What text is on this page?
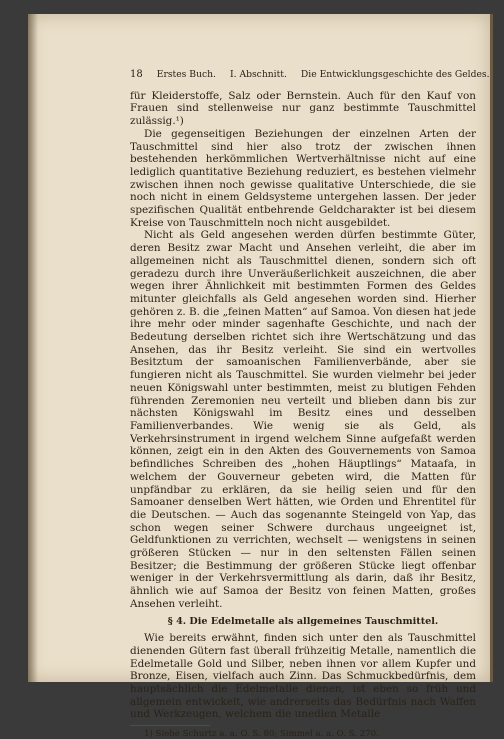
18 Erstes Buch. I. Abschnitt. Die Entwicklungsgeschichte des Geldes.

für Kleiderstoffe, Salz oder Bernstein. Auch für den Kauf von Frauen sind stellenweise nur ganz bestimmte Tauschmittel zulässig.¹)

Die gegenseitigen Beziehungen der einzelnen Arten der Tauschmittel sind hier also trotz der zwischen ihnen bestehenden herkömmlichen Wertverhältnisse nicht auf eine lediglich quantitative Beziehung reduziert, es bestehen vielmehr zwischen ihnen noch gewisse qualitative Unterschiede, die sie noch nicht in einem Geldsysteme untergehen lassen. Der jeder spezifischen Qualität entbehrende Geldcharakter ist bei diesem Kreise von Tauschmitteln noch nicht ausgebildet.

Nicht als Geld angesehen werden dürfen bestimmte Güter, deren Besitz zwar Macht und Ansehen verleiht, die aber im allgemeinen nicht als Tauschmittel dienen, sondern sich oft geradezu durch ihre Unveräußerlichkeit auszeichnen, die aber wegen ihrer Ähnlichkeit mit bestimmten Formen des Geldes mitunter gleichfalls als Geld angesehen worden sind. Hierher gehören z. B. die „feinen Matten“ auf Samoa. Von diesen hat jede ihre mehr oder minder sagenhafte Geschichte, und nach der Bedeutung derselben richtet sich ihre Wertschätzung und das Ansehen, das ihr Besitz verleiht. Sie sind ein wertvolles Besitztum der samoanischen Familienverbände, aber sie fungieren nicht als Tauschmittel. Sie wurden vielmehr bei jeder neuen Königswahl unter bestimmten, meist zu blutigen Fehden führenden Zeremonien neu verteilt und blieben dann bis zur nächsten Königswahl im Besitz eines und desselben Familienverbandes. Wie wenig sie als Geld, als Verkehrsinstrument in irgend welchem Sinne aufgefaßt werden können, zeigt ein in den Akten des Gouvernements von Samoa befindliches Schreiben des „hohen Häuptlings“ Mataafa, in welchem der Gouverneur gebeten wird, die Matten für unpfändbar zu erklären, da sie heilig seien und für den Samoaner denselben Wert hätten, wie Orden und Ehrentitel für die Deutschen. — Auch das sogenannte Steingeld von Yap, das schon wegen seiner Schwere durchaus ungeeignet ist, Geldfunktionen zu verrichten, wechselt — wenigstens in seinen größeren Stücken — nur in den seltensten Fällen seinen Besitzer; die Bestimmung der größeren Stücke liegt offenbar weniger in der Verkehrsvermittlung als darin, daß ihr Besitz, ähnlich wie auf Samoa der Besitz von feinen Matten, großes Ansehen verleiht.

§ 4. Die Edelmetalle als allgemeines Tauschmittel.

Wie bereits erwähnt, finden sich unter den als Tauschmittel dienenden Gütern fast überall frühzeitig Metalle, namentlich die Edelmetalle Gold und Silber, neben ihnen vor allem Kupfer und Bronze, Eisen, vielfach auch Zinn. Das Schmuckbedürfnis, dem hauptsächlich die Edelmetalle dienen, ist eben so früh und allgemein entwickelt, wie andrerseits das Bedürfnis nach Waffen und Werkzeugen, welchem die unedlen Metalle

1) Siehe Schurtz a. a. O. S. 80; Simmel a. a. O. S. 270.
